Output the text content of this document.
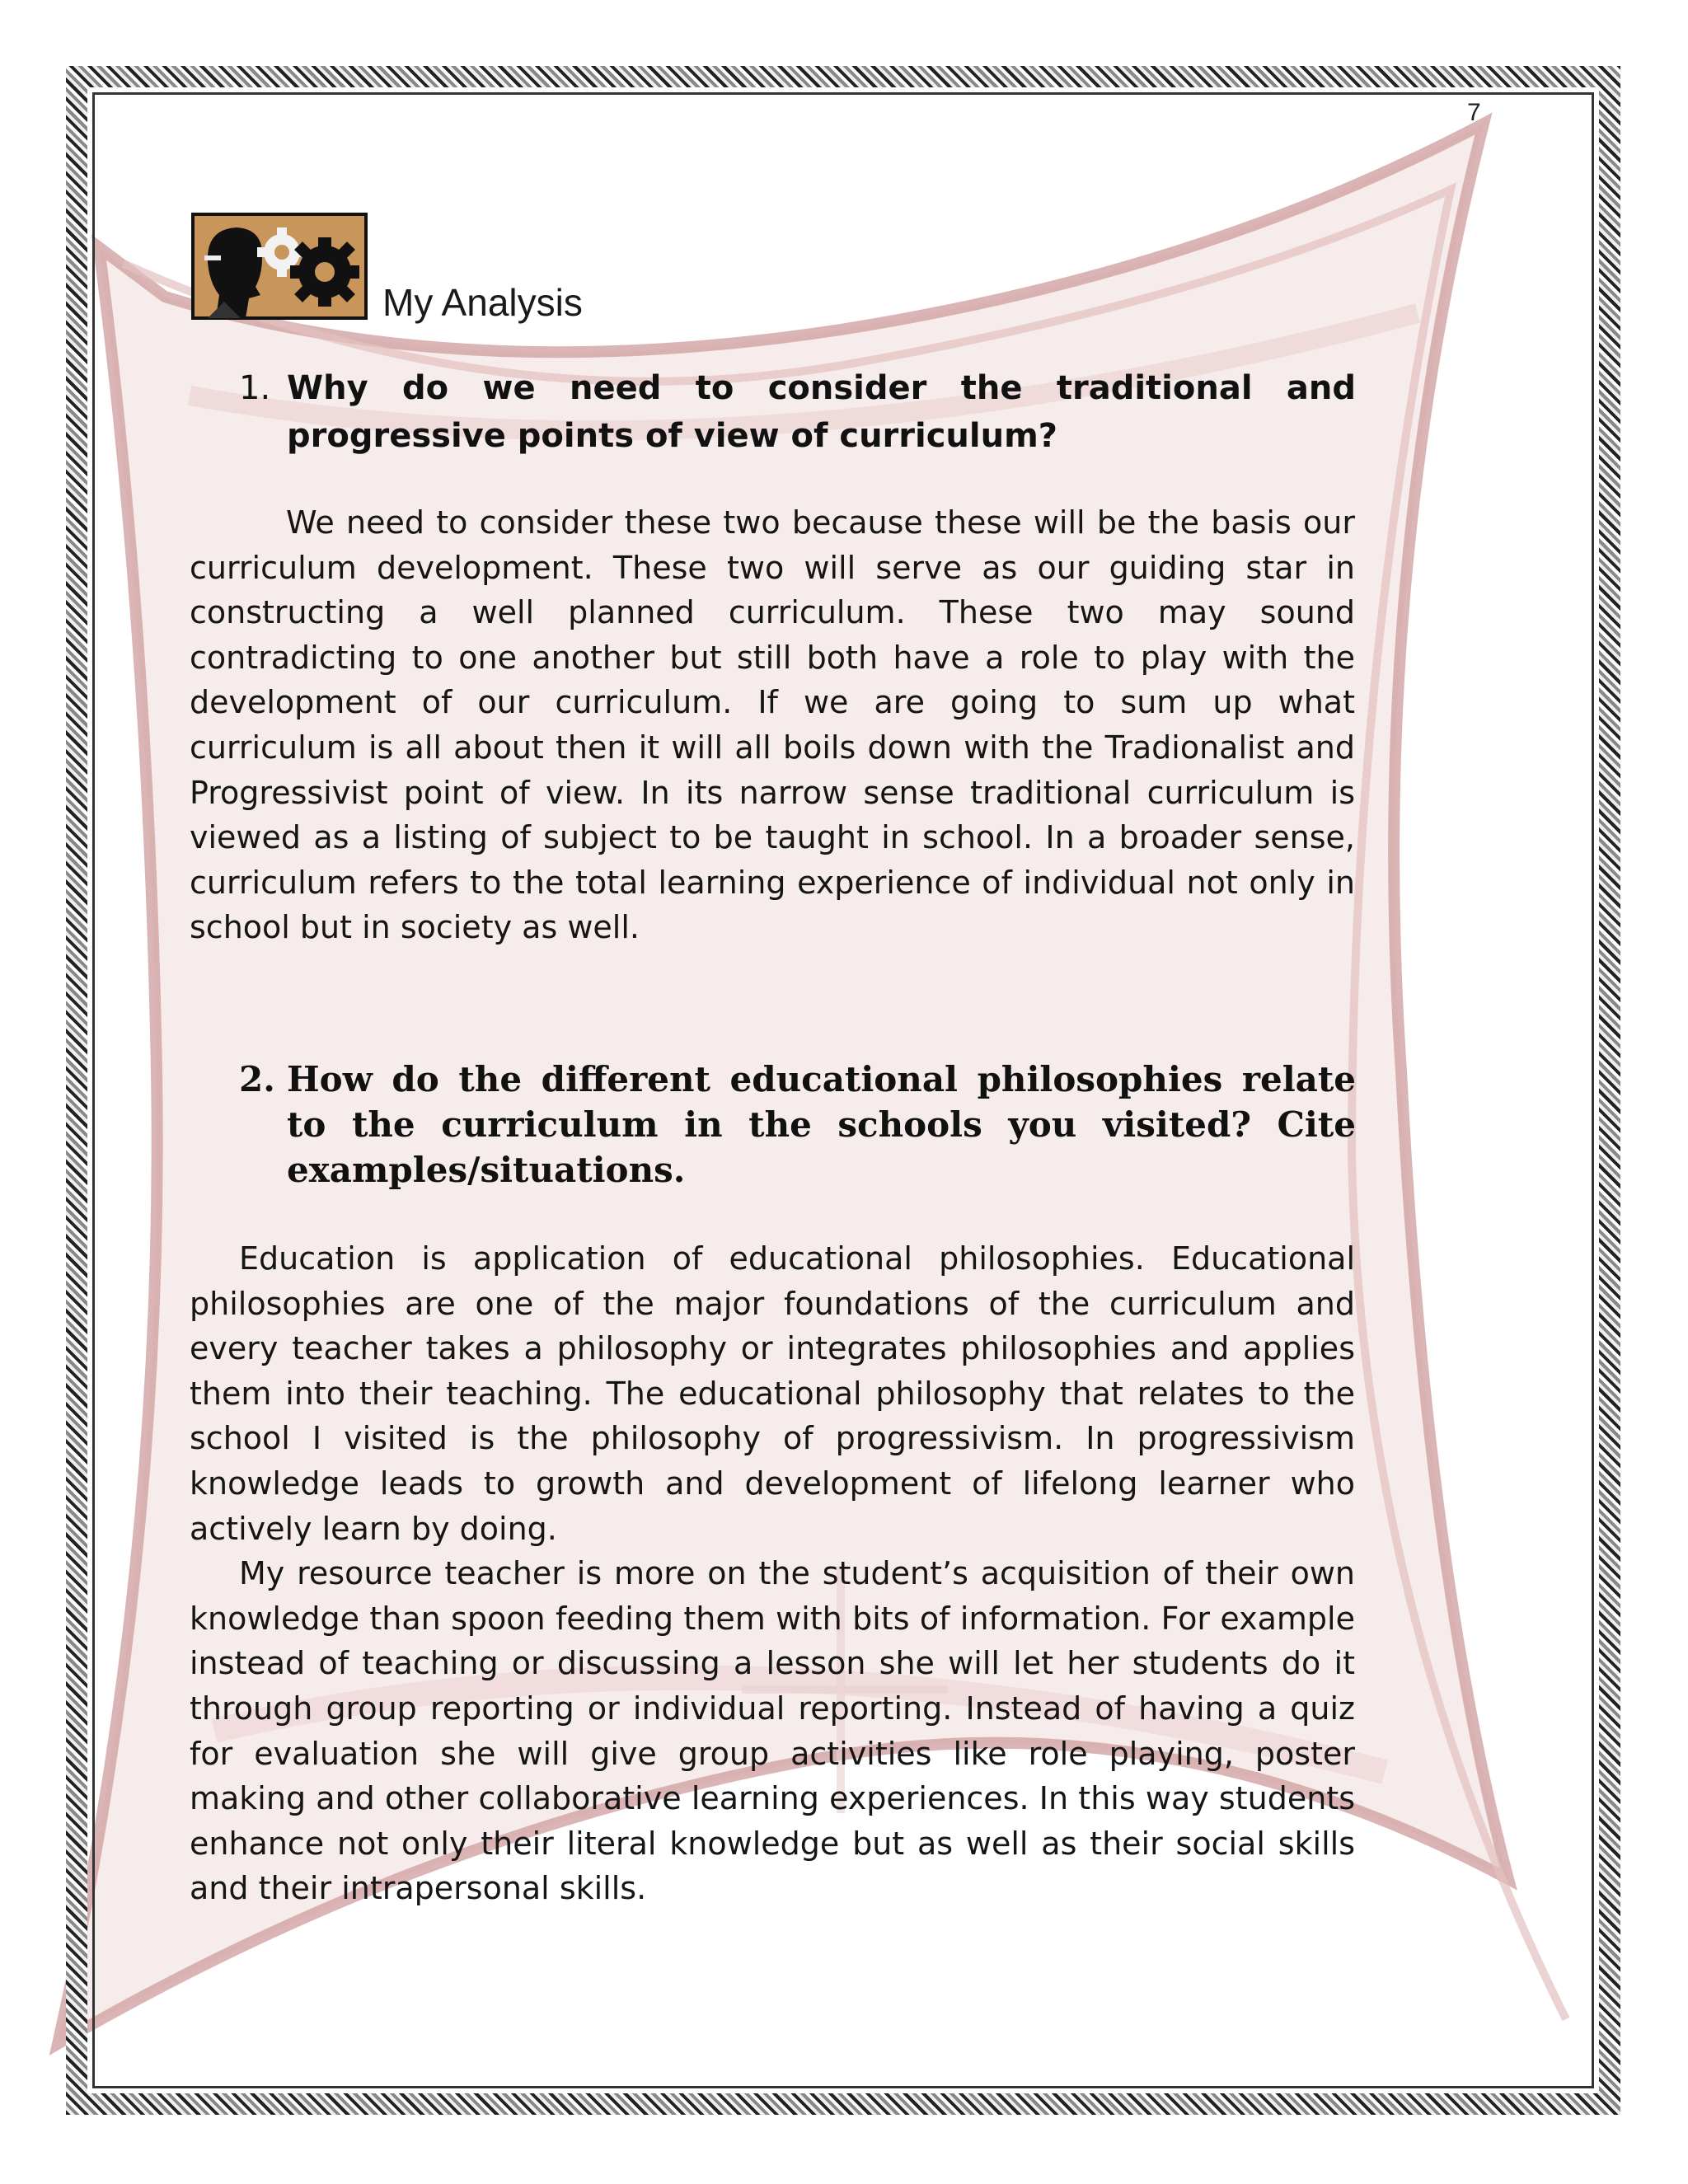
7
My Analysis
1. Why do we need to consider the traditional and progressive points of view of curriculum?

We need to consider these two because these will be the basis our curriculum development. These two will serve as our guiding star in constructing a well planned curriculum. These two may sound contradicting to one another but still both have a role to play with the development of our curriculum. If we are going to sum up what curriculum is all about then it will all boils down with the Tradionalist and Progressivist point of view. In its narrow sense traditional curriculum is viewed as a listing of subject to be taught in school. In a broader sense, curriculum refers to the total learning experience of individual not only in school but in society as well.

2. How do the different educational philosophies relate to the curriculum in the schools you visited? Cite examples/situations.

Education is application of educational philosophies. Educational philosophies are one of the major foundations of the curriculum and every teacher takes a philosophy or integrates philosophies and applies them into their teaching. The educational philosophy that relates to the school I visited is the philosophy of progressivism. In progressivism knowledge leads to growth and development of lifelong learner who actively learn by doing.

My resource teacher is more on the student’s acquisition of their own knowledge than spoon feeding them with bits of information. For example instead of teaching or discussing a lesson she will let her students do it through group reporting or individual reporting. Instead of having a quiz for evaluation she will give group activities like role playing, poster making and other collaborative learning experiences. In this way students enhance not only their literal knowledge but as well as their social skills and their intrapersonal skills.
